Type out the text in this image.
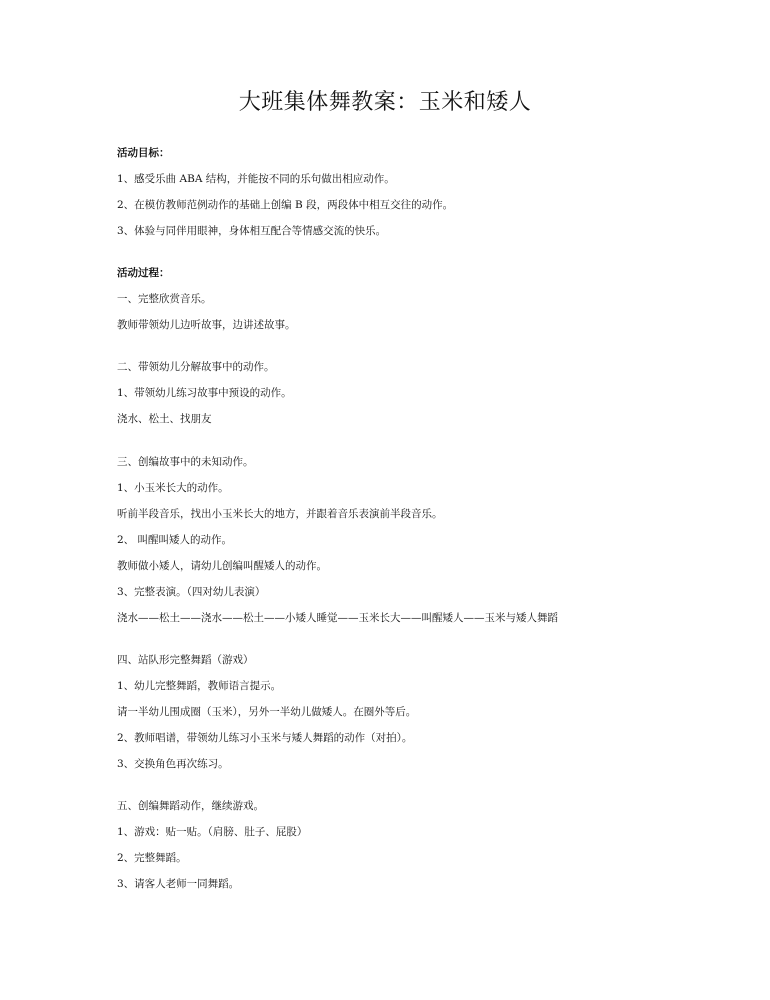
大班集体舞教案：玉米和矮人
活动目标：
1、感受乐曲 ABA 结构，并能按不同的乐句做出相应动作。
2、在模仿教师范例动作的基础上创编 B 段，两段体中相互交往的动作。
3、体验与同伴用眼神，身体相互配合等情感交流的快乐。
活动过程：
一、完整欣赏音乐。
教师带领幼儿边听故事，边讲述故事。
二、带领幼儿分解故事中的动作。
1、带领幼儿练习故事中预设的动作。
浇水、松土、找朋友
三、创编故事中的未知动作。
1、小玉米长大的动作。
听前半段音乐，找出小玉米长大的地方，并跟着音乐表演前半段音乐。
2、 叫醒叫矮人的动作。
教师做小矮人，请幼儿创编叫醒矮人的动作。
3、完整表演。（四对幼儿表演）
浇水——松土——浇水——松土——小矮人睡觉——玉米长大——叫醒矮人——玉米与矮人舞蹈
四、站队形完整舞蹈（游戏）
1、幼儿完整舞蹈，教师语言提示。
请一半幼儿围成圈（玉米），另外一半幼儿做矮人。在圈外等后。
2、教师唱谱，带领幼儿练习小玉米与矮人舞蹈的动作（对拍）。
3、交换角色再次练习。
五、创编舞蹈动作，继续游戏。
1、游戏：贴一贴。（肩膀、肚子、屁股）
2、完整舞蹈。
3、请客人老师一同舞蹈。
